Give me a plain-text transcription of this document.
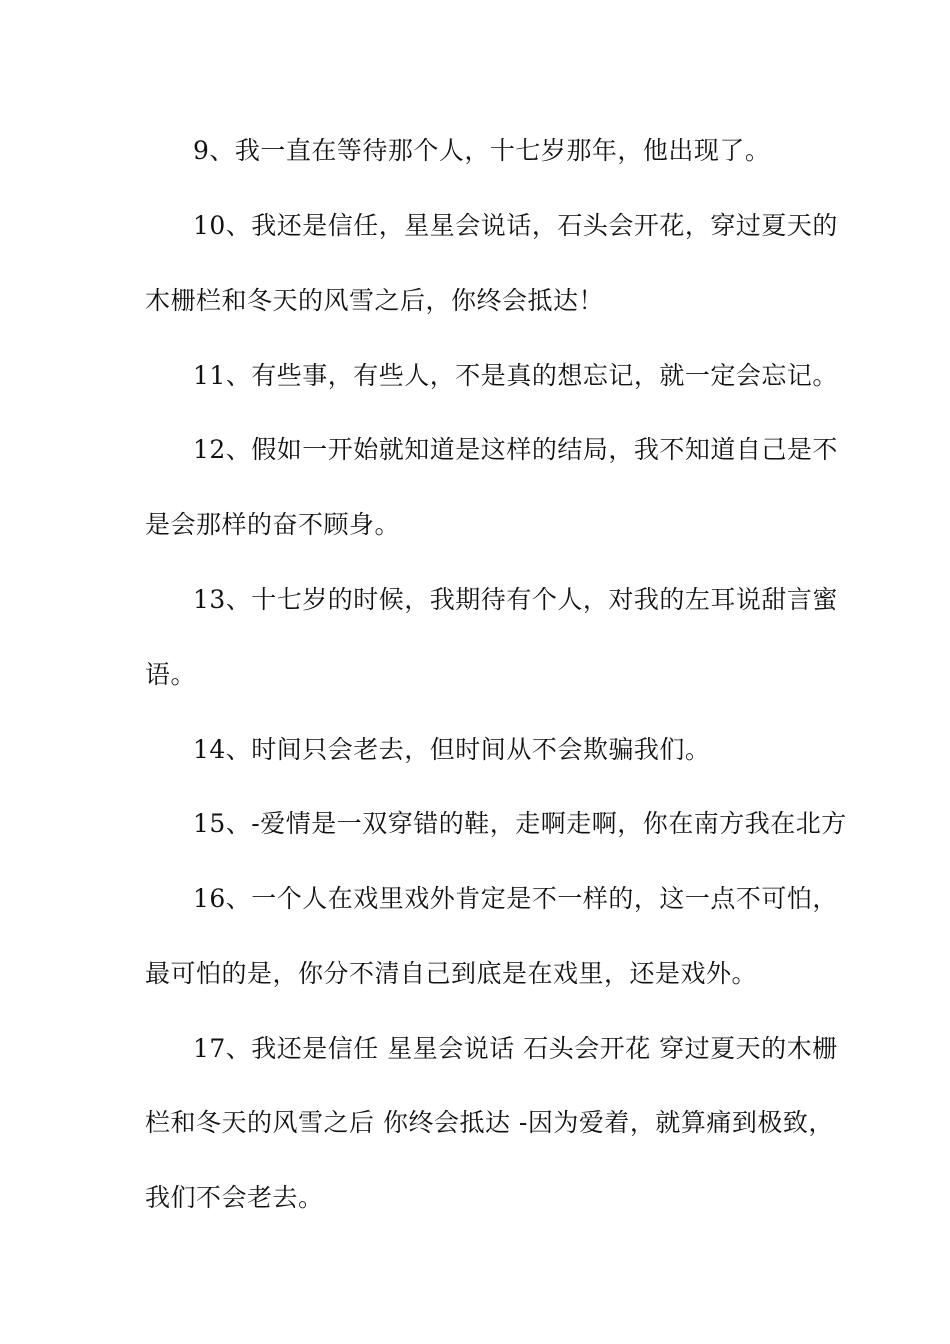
9、我一直在等待那个人，十七岁那年，他出现了。
10、我还是信任，星星会说话，石头会开花，穿过夏天的
木栅栏和冬天的风雪之后，你终会抵达！
11、有些事，有些人，不是真的想忘记，就一定会忘记。
12、假如一开始就知道是这样的结局，我不知道自己是不
是会那样的奋不顾身。
13、十七岁的时候，我期待有个人，对我的左耳说甜言蜜
语。
14、时间只会老去，但时间从不会欺骗我们。
15、-爱情是一双穿错的鞋，走啊走啊，你在南方我在北方
16、一个人在戏里戏外肯定是不一样的，这一点不可怕，
最可怕的是，你分不清自己到底是在戏里，还是戏外。
17、我还是信任 星星会说话 石头会开花 穿过夏天的木栅
栏和冬天的风雪之后 你终会抵达 -因为爱着，就算痛到极致，
我们不会老去。
